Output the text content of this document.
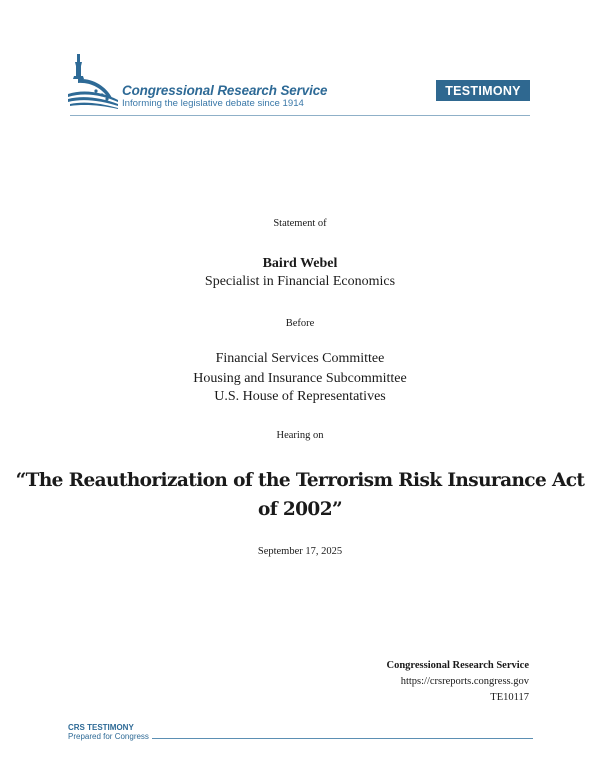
Congressional Research Service
Informing the legislative debate since 1914
TESTIMONY
Statement of
Baird Webel
Specialist in Financial Economics
Before
Financial Services Committee
Housing and Insurance Subcommittee
U.S. House of Representatives
Hearing on
“The Reauthorization of the Terrorism Risk Insurance Act
of 2002”
September 17, 2025
Congressional Research Service
https://crsreports.congress.gov
TE10117
CRS TESTIMONY
Prepared for Congress
